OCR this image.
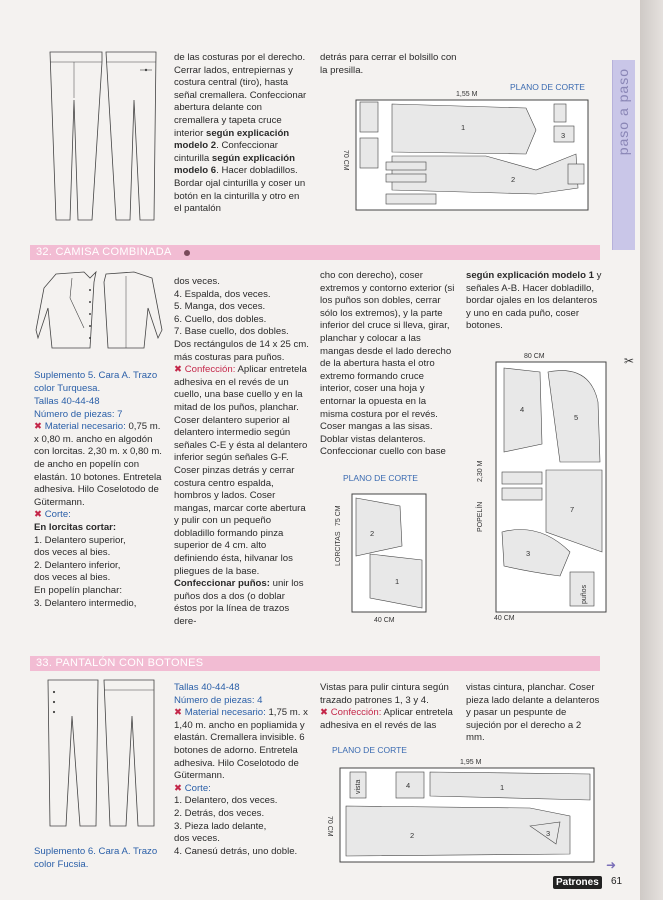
paso a paso

de las costuras por el derecho. Cerrar lados, entrepiernas y costura central (tiro), hasta señal cremallera. Confeccionar abertura delante con cremallera y tapeta cruce interior según explicación modelo 2. Confeccionar cinturilla según explicación modelo 6. Hacer dobladillos. Bordar ojal cinturilla y coser un botón en la cinturilla y otro en el pantalón

detrás para cerrar el bolsillo con la presilla.
PLANO DE CORTE
1,55 M
70 CM
1
2
3
32. CAMISA COMBINADA
Suplemento 5. Cara A. Trazo color Turquesa.

Tallas 40-44-48

Número de piezas: 7

✖ Material necesario: 0,75 m. x 0,80 m. ancho en algodón con lorcitas. 2,30 m. x 0,80 m. de ancho en popelín con elastán. 10 botones. Entretela adhesiva. Hilo Coselotodo de Gütermann.

✖ Corte:

En lorcitas cortar:

1. Delantero superior,

dos veces al bies.

2. Delantero inferior,

dos veces al bies.

En popelín planchar:

3. Delantero intermedio,

dos veces.

4. Espalda, dos veces.

5. Manga, dos veces.

6. Cuello, dos dobles.

7. Base cuello, dos dobles.

Dos rectángulos de 14 x 25 cm. más costuras para puños.

✖ Confección: Aplicar entretela adhesiva en el revés de un cuello, una base cuello y en la mitad de los puños, planchar. Coser delantero superior al delantero intermedio según señales C-E y ésta al delantero inferior según señales G-F. Coser pinzas detrás y cerrar costura centro espalda, hombros y lados. Coser mangas, marcar corte abertura y pulir con un pequeño dobladillo formando pinza superior de 4 cm. alto definiendo ésta, hilvanar los pliegues de la base.

Confeccionar puños: unir los puños dos a dos (o doblar éstos por la línea de trazos dere-

cho con derecho), coser extremos y contorno exterior (si los puños son dobles, cerrar sólo los extremos), y la parte inferior del cruce si lleva, girar, planchar y colocar a las mangas desde el lado derecho de la abertura hasta el otro extremo formando cruce interior, coser una hoja y entornar la opuesta en la misma costura por el revés. Coser mangas a las sisas. Doblar vistas delanteros. Confeccionar cuello con base

según explicación modelo 1 y señales A-B. Hacer dobladillo, bordar ojales en los delanteros y uno en cada puño, coser botones.

PLANO DE CORTE
2
1
LORCITAS
75 CM
40 CM
80 CM
4
5
7
3
puños
2,30 M
POPELÍN
40 CM
✂
33. PANTALÓN CON BOTONES
Suplemento 6. Cara A. Trazo color Fucsia.

Tallas 40-44-48

Número de piezas: 4

✖ Material necesario: 1,75 m. x 1,40 m. ancho en popliamida y elastán. Cremallera invisible. 6 botones de adorno. Entretela adhesiva. Hilo Coselotodo de Gütermann.

✖ Corte:

1. Delantero, dos veces.

2. Detrás, dos veces.

3. Pieza lado delante,

dos veces.

4. Canesú detrás, uno doble.

Vistas para pulir cintura según trazado patrones 1, 3 y 4.

✖ Confección: Aplicar entretela adhesiva en el revés de las

vistas cintura, planchar. Coser pieza lado delante a delanteros y pasar un pespunte de sujeción por el derecho a 2 mm.
PLANO DE CORTE
1,95 M
70 CM
vista	4	1
2	3
➜
Patrones	61
